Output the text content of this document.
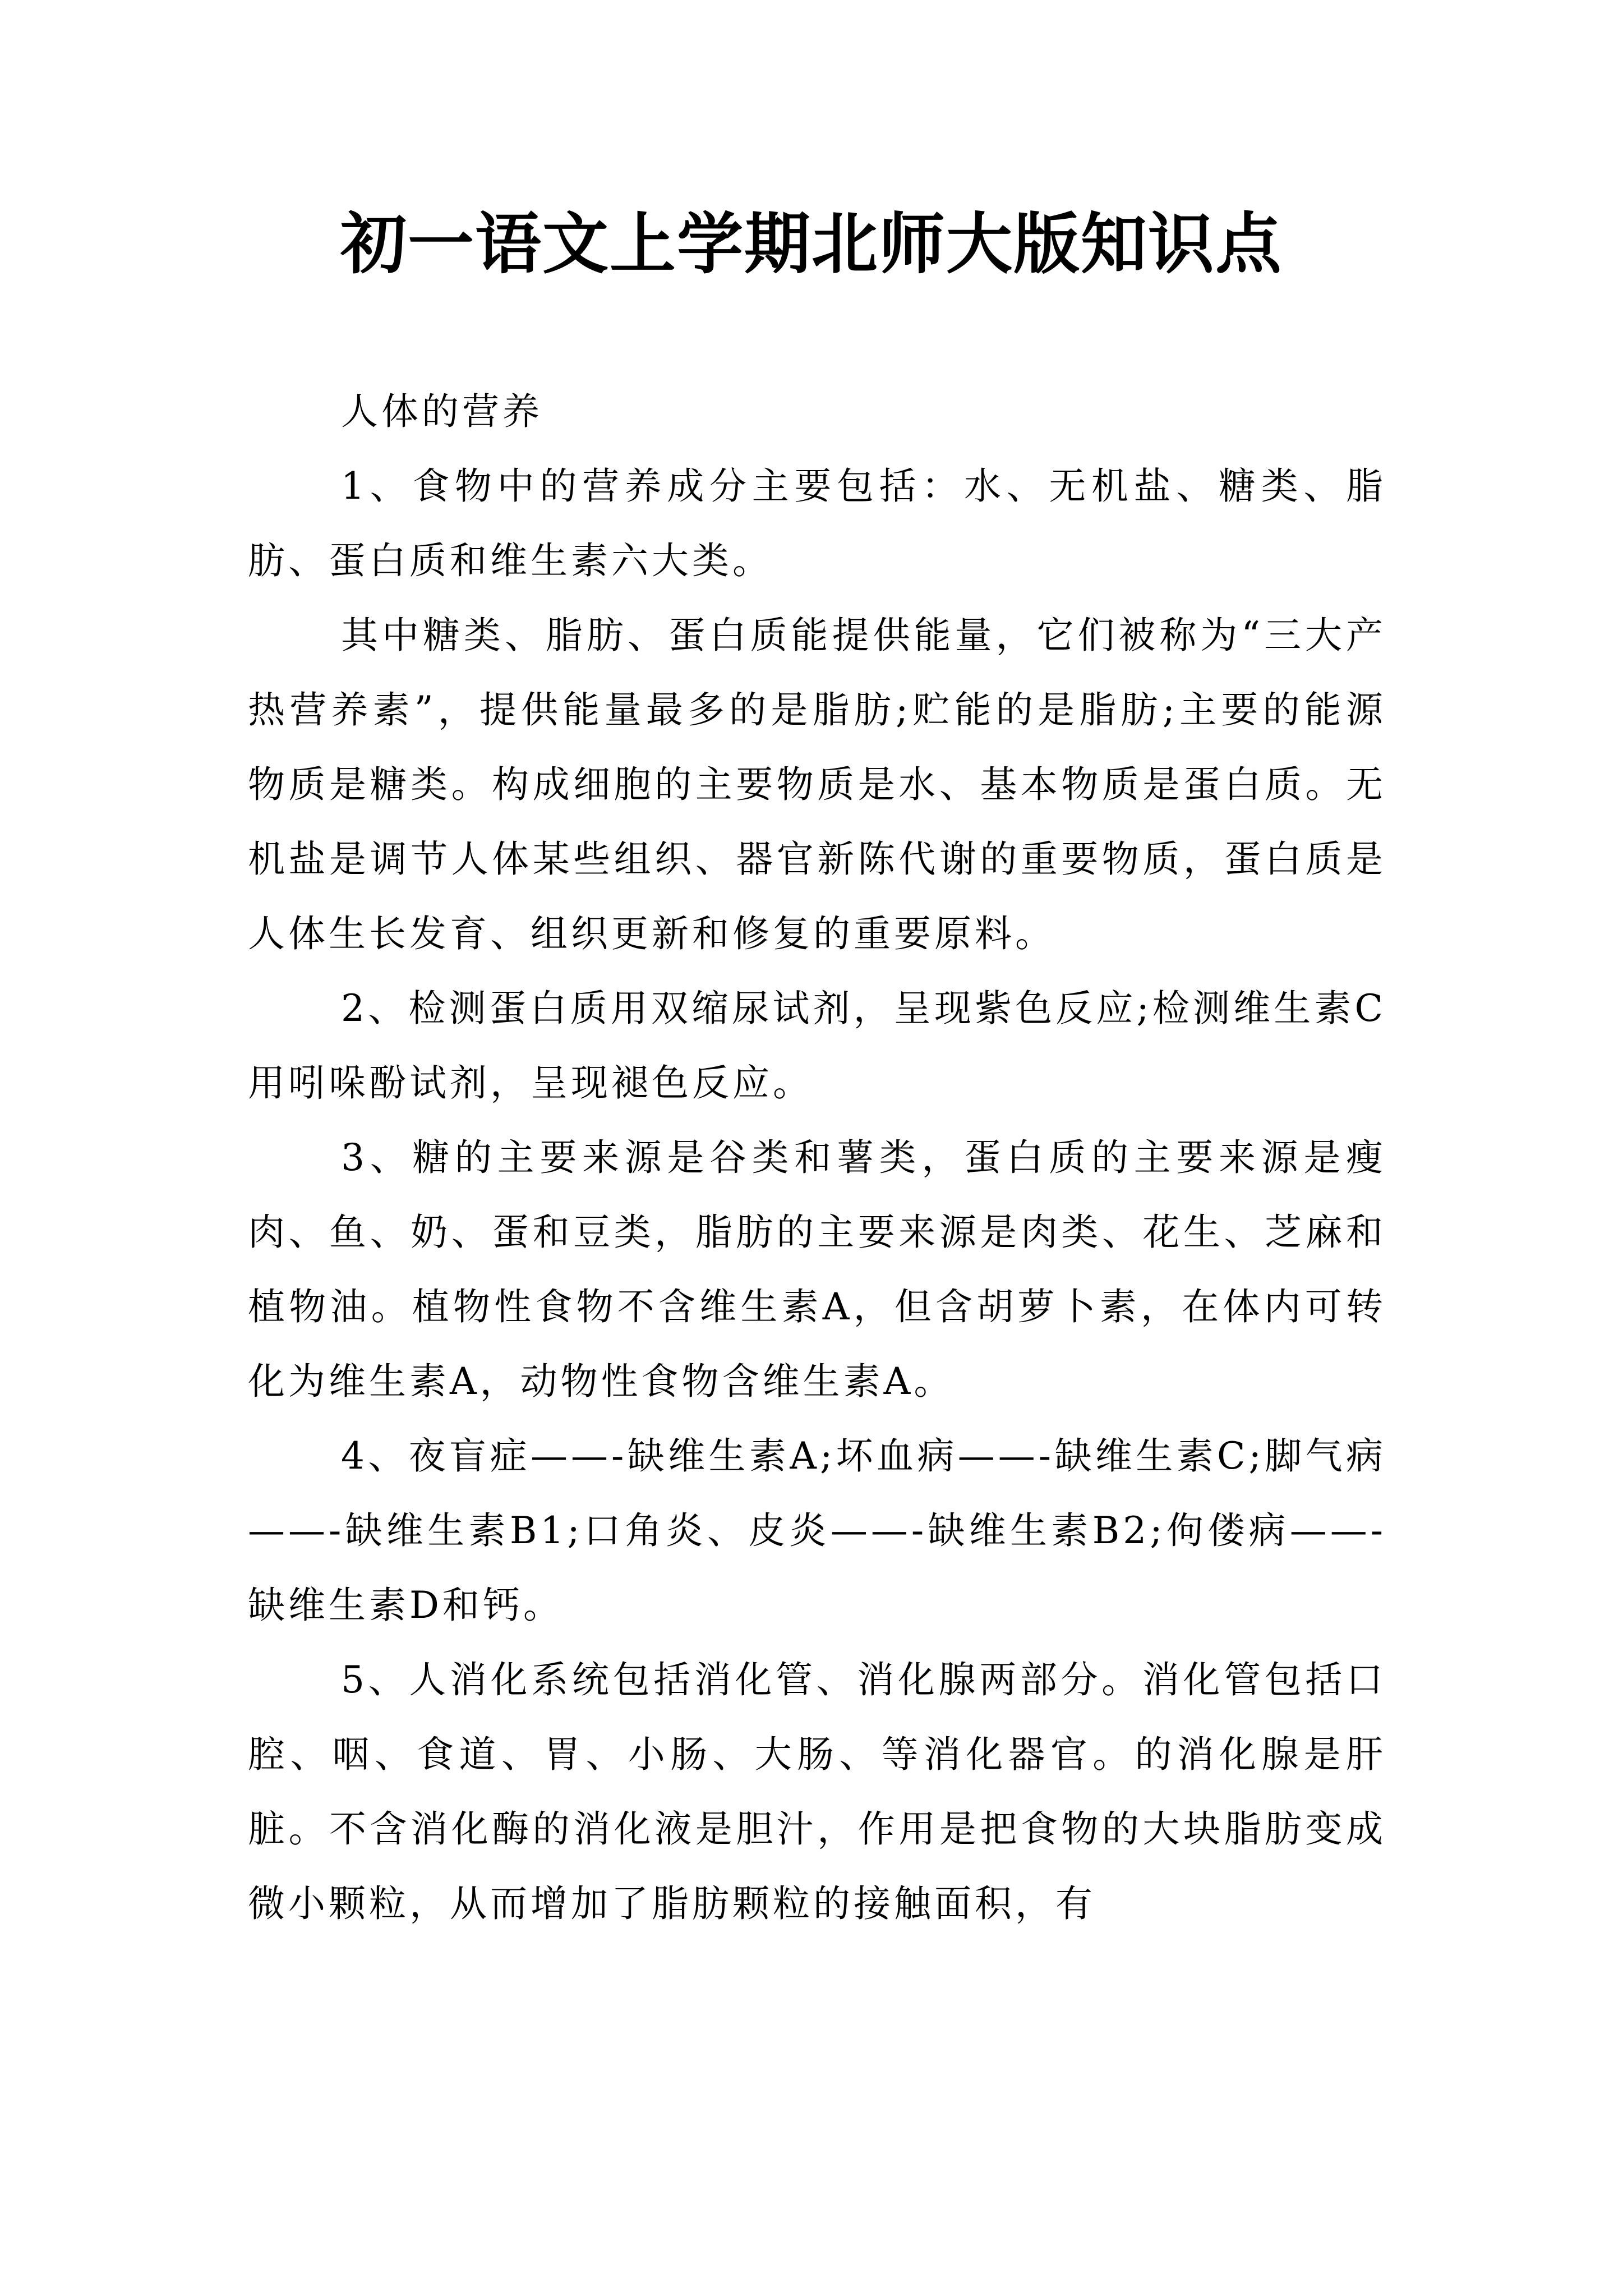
初一语文上学期北师大版知识点

人体的营养

1、食物中的营养成分主要包括：水、无机盐、糖类、脂肪、蛋白质和维生素六大类。

其中糖类、脂肪、蛋白质能提供能量，它们被称为“三大产热营养素”，提供能量最多的是脂肪;贮能的是脂肪;主要的能源物质是糖类。构成细胞的主要物质是水、基本物质是蛋白质。无机盐是调节人体某些组织、器官新陈代谢的重要物质，蛋白质是人体生长发育、组织更新和修复的重要原料。

2、检测蛋白质用双缩尿试剂，呈现紫色反应;检测维生素C用吲哚酚试剂，呈现褪色反应。

3、糖的主要来源是谷类和薯类，蛋白质的主要来源是瘦肉、鱼、奶、蛋和豆类，脂肪的主要来源是肉类、花生、芝麻和植物油。植物性食物不含维生素A，但含胡萝卜素，在体内可转化为维生素A，动物性食物含维生素A。

4、夜盲症——-缺维生素A;坏血病——-缺维生素C;脚气病——-缺维生素B1;口角炎、皮炎——-缺维生素B2;佝偻病——-缺维生素D和钙。

5、人消化系统包括消化管、消化腺两部分。消化管包括口腔、咽、食道、胃、小肠、大肠、等消化器官。的消化腺是肝脏。不含消化酶的消化液是胆汁，作用是把食物的大块脂肪变成微小颗粒，从而增加了脂肪颗粒的接触面积，有
